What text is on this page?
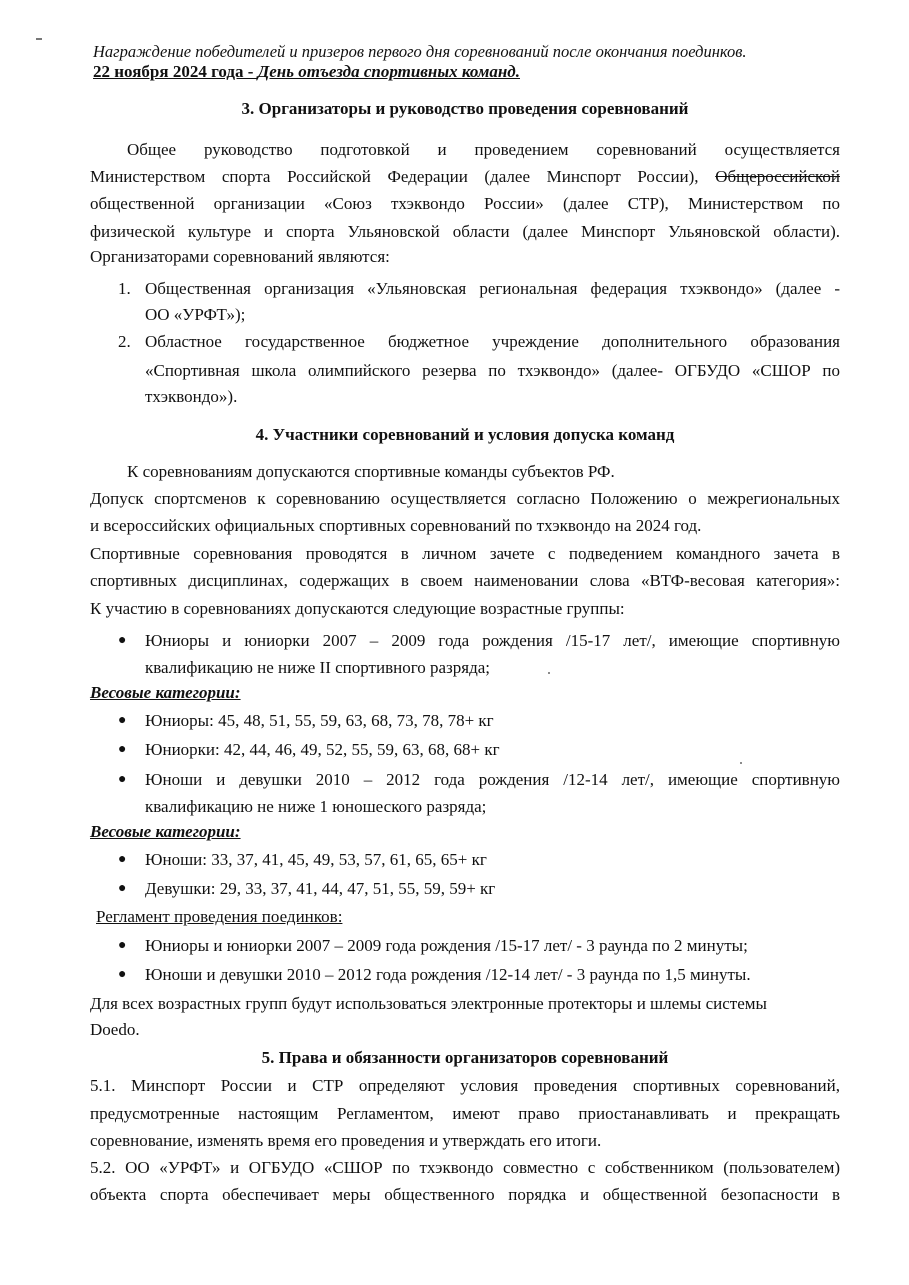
Награждение победителей и призеров первого дня соревнований после окончания поединков.
22 ноября 2024 года - День отъезда спортивных команд.
3. Организаторы и руководство проведения соревнований
Общее руководство подготовкой и проведением соревнований осуществляется
Министерством спорта Российской Федерации (далее Минспорт России), Общероссийской
общественной организации «Союз тхэквондо России» (далее СТР), Министерством по
физической культуре и спорта Ульяновской области (далее Минспорт Ульяновской области).
Организаторами соревнований являются:
1. Общественная организация «Ульяновская региональная федерация тхэквондо» (далее -
ОО «УРФТ»);
2. Областное государственное бюджетное учреждение дополнительного образования
«Спортивная школа олимпийского резерва по тхэквондо» (далее- ОГБУДО «СШОР по
тхэквондо»).
4. Участники соревнований и условия допуска команд
К соревнованиям допускаются спортивные команды субъектов РФ.
Допуск спортсменов к соревнованию осуществляется согласно Положению о межрегиональных
и всероссийских официальных спортивных соревнований по тхэквондо на 2024 год.
Спортивные соревнования проводятся в личном зачете с подведением командного зачета в
спортивных дисциплинах, содержащих в своем наименовании слова «ВТФ-весовая категория»:
К участию в соревнованиях допускаются следующие возрастные группы:
● Юниоры и юниорки 2007 – 2009 года рождения /15-17 лет/, имеющие спортивную
квалификацию не ниже II спортивного разряда;
Весовые категории:
● Юниоры: 45, 48, 51, 55, 59, 63, 68, 73, 78, 78+ кг
● Юниорки: 42, 44, 46, 49, 52, 55, 59, 63, 68, 68+ кг
● Юноши и девушки 2010 – 2012 года рождения /12-14 лет/, имеющие спортивную
квалификацию не ниже 1 юношеского разряда;
Весовые категории:
● Юноши: 33, 37, 41, 45, 49, 53, 57, 61, 65, 65+ кг
● Девушки: 29, 33, 37, 41, 44, 47, 51, 55, 59, 59+ кг
Регламент проведения поединков:
● Юниоры и юниорки 2007 – 2009 года рождения /15-17 лет/ - 3 раунда по 2 минуты;
● Юноши и девушки 2010 – 2012 года рождения /12-14 лет/ - 3 раунда по 1,5 минуты.
Для всех возрастных групп будут использоваться электронные протекторы и шлемы системы
Doedo.
5. Права и обязанности организаторов соревнований
5.1. Минспорт России и СТР определяют условия проведения спортивных соревнований,
предусмотренные настоящим Регламентом, имеют право приостанавливать и прекращать
соревнование, изменять время его проведения и утверждать его итоги.
5.2. ОО «УРФТ» и ОГБУДО «СШОР по тхэквондо совместно с собственником (пользователем)
объекта спорта обеспечивает меры общественного порядка и общественной безопасности в
